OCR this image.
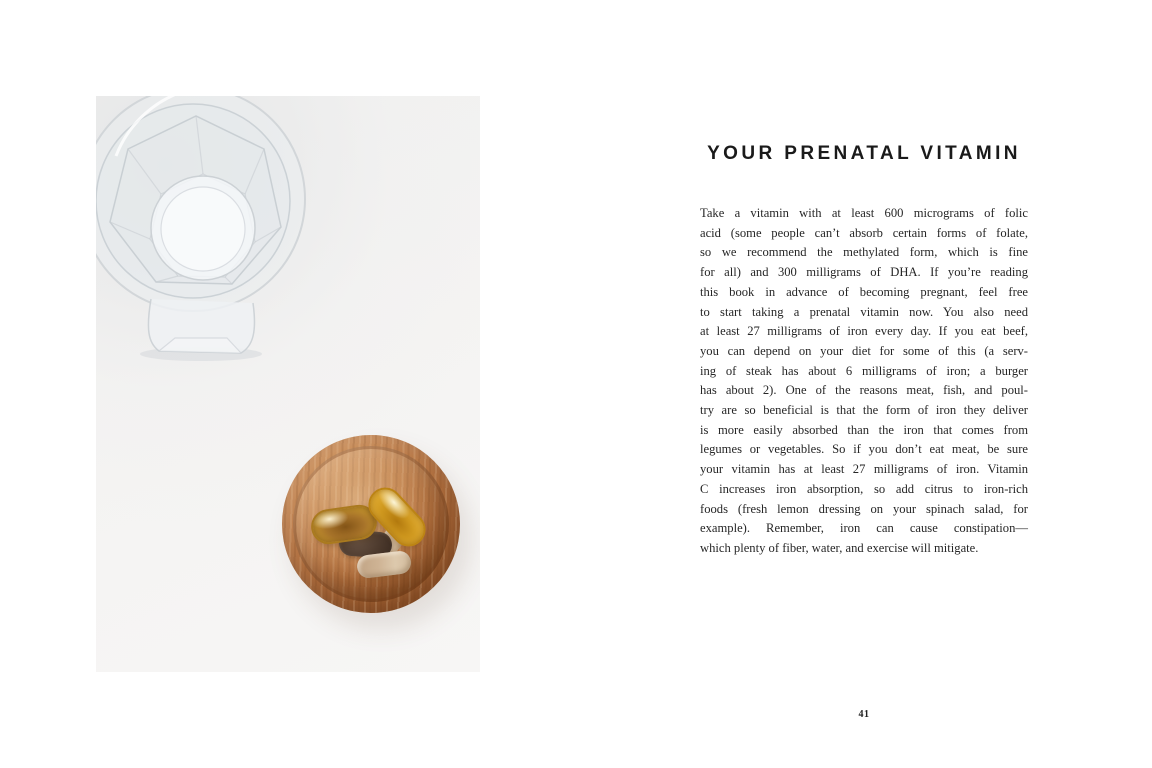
YOUR PRENATAL VITAMIN
Take a vitamin with at least 600 micrograms of folic
acid (some people can’t absorb certain forms of folate,
so we recommend the methylated form, which is fine
for all) and 300 milligrams of DHA. If you’re reading
this book in advance of becoming pregnant, feel free
to start taking a prenatal vitamin now. You also need
at least 27 milligrams of iron every day. If you eat beef,
you can depend on your diet for some of this (a serv-
ing of steak has about 6 milligrams of iron; a burger
has about 2). One of the reasons meat, fish, and poul-
try are so beneficial is that the form of iron they deliver
is more easily absorbed than the iron that comes from
legumes or vegetables. So if you don’t eat meat, be sure
your vitamin has at least 27 milligrams of iron. Vitamin
C increases iron absorption, so add citrus to iron-rich
foods (fresh lemon dressing on your spinach salad, for
example). Remember, iron can cause constipation—
which plenty of fiber, water, and exercise will mitigate.
41
